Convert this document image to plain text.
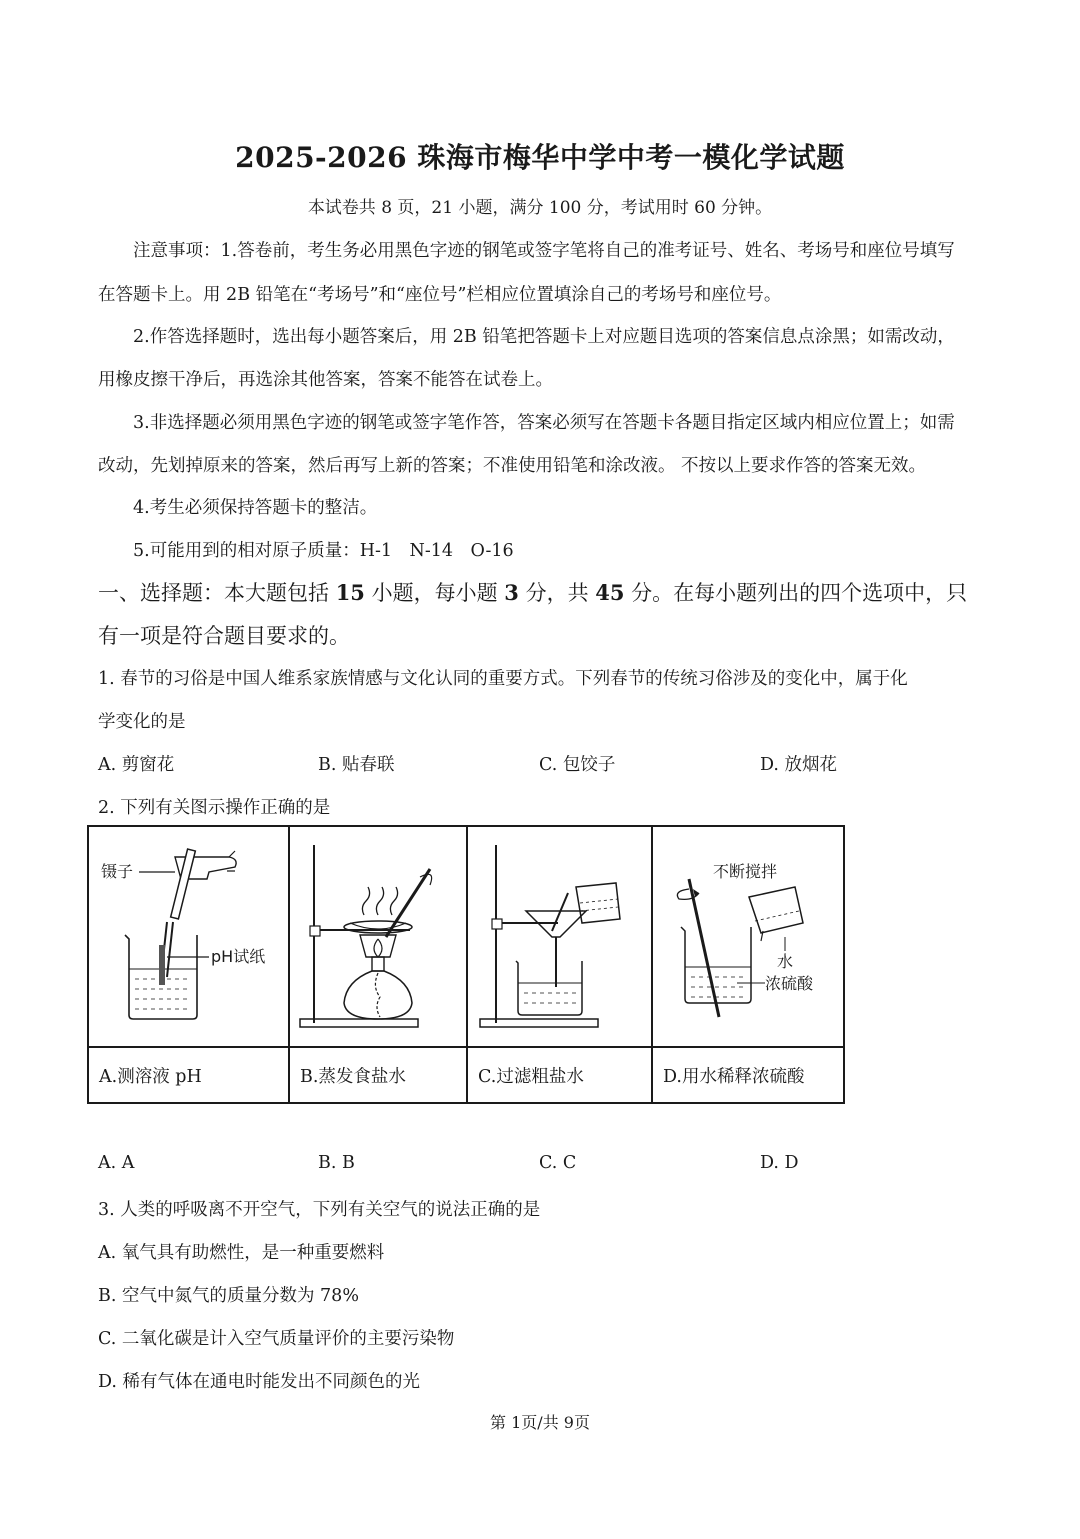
2025-2026 珠海市梅华中学中考一模化学试题
本试卷共 8 页，21 小题，满分 100 分，考试用时 60 分钟。
注意事项：1.答卷前，考生务必用黑色字迹的钢笔或签字笔将自己的准考证号、姓名、考场号和座位号填写
在答题卡上。用 2B 铅笔在“考场号”和“座位号”栏相应位置填涂自己的考场号和座位号。
2.作答选择题时，选出每小题答案后，用 2B 铅笔把答题卡上对应题目选项的答案信息点涂黑；如需改动，
用橡皮擦干净后，再选涂其他答案，答案不能答在试卷上。
3.非选择题必须用黑色字迹的钢笔或签字笔作答，答案必须写在答题卡各题目指定区域内相应位置上；如需
改动，先划掉原来的答案，然后再写上新的答案；不准使用铅笔和涂改液。 不按以上要求作答的答案无效。
4.考生必须保持答题卡的整洁。
5.可能用到的相对原子质量：H-1　N-14　O-16
一、选择题：本大题包括 15 小题，每小题 3 分，共 45 分。在每小题列出的四个选项中，只
有一项是符合题目要求的。
1. 春节的习俗是中国人维系家族情感与文化认同的重要方式。下列春节的传统习俗涉及的变化中，属于化
学变化的是
A. 剪窗花	B. 贴春联	C. 包饺子	D. 放烟花
2. 下列有关图示操作正确的是
镊子
pH试纸			不断搅拌
水
浓硫酸

A.测溶液 pH	B.蒸发食盐水	C.过滤粗盐水	D.用水稀释浓硫酸
A. A	B. B	C. C	D. D
3. 人类的呼吸离不开空气，下列有关空气的说法正确的是
A. 氧气具有助燃性，是一种重要燃料
B. 空气中氮气的质量分数为 78%
C. 二氧化碳是计入空气质量评价的主要污染物
D. 稀有气体在通电时能发出不同颜色的光
第 1页/共 9页
